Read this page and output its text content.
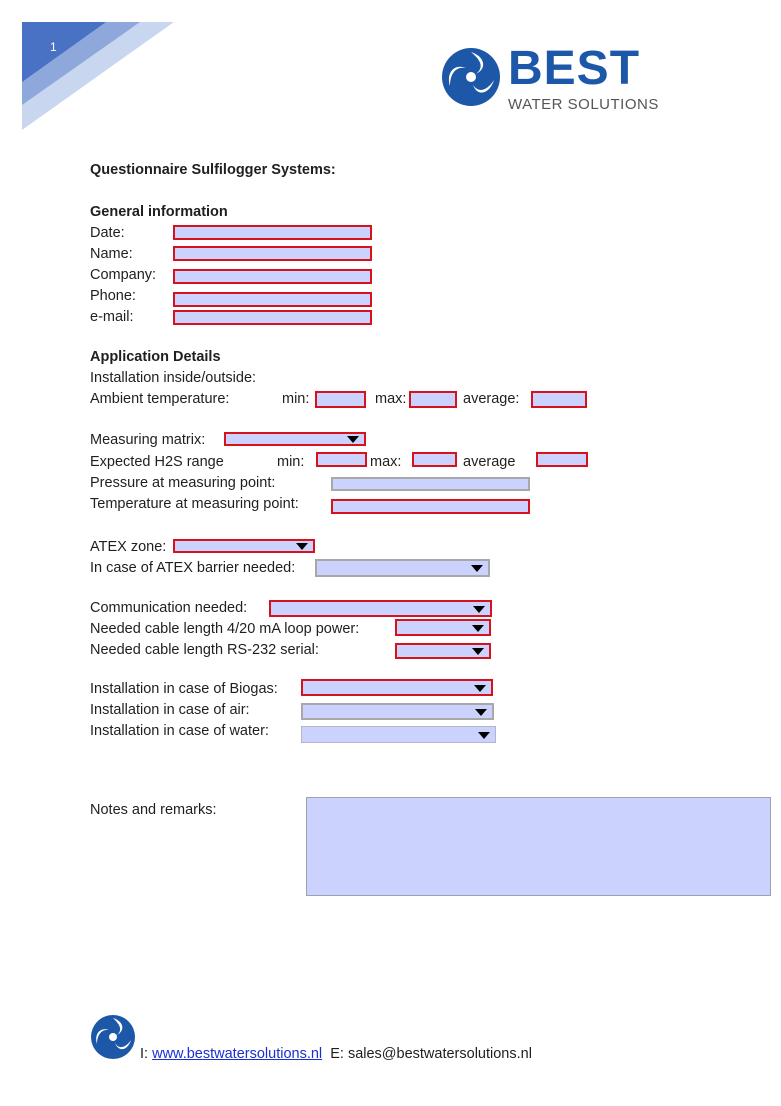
1	BEST
WATER SOLUTIONS
Questionnaire Sulfilogger Systems:
General information
Date:
Name:
Company:
Phone:
e-mail:
Application Details
Installation inside/outside:
Ambient temperature:	min:	max:	average:
Measuring matrix:
Expected H2S range	min:	max:	average
Pressure at measuring point:
Temperature at measuring point:
ATEX zone:
In case of ATEX barrier needed:
Communication needed:
Needed cable length 4/20 mA loop power:
Needed cable length RS-232 serial:
Installation in case of Biogas:
Installation in case of air:
Installation in case of water:
Notes and remarks:
I: www.bestwatersolutions.nl E: sales@bestwatersolutions.nl
